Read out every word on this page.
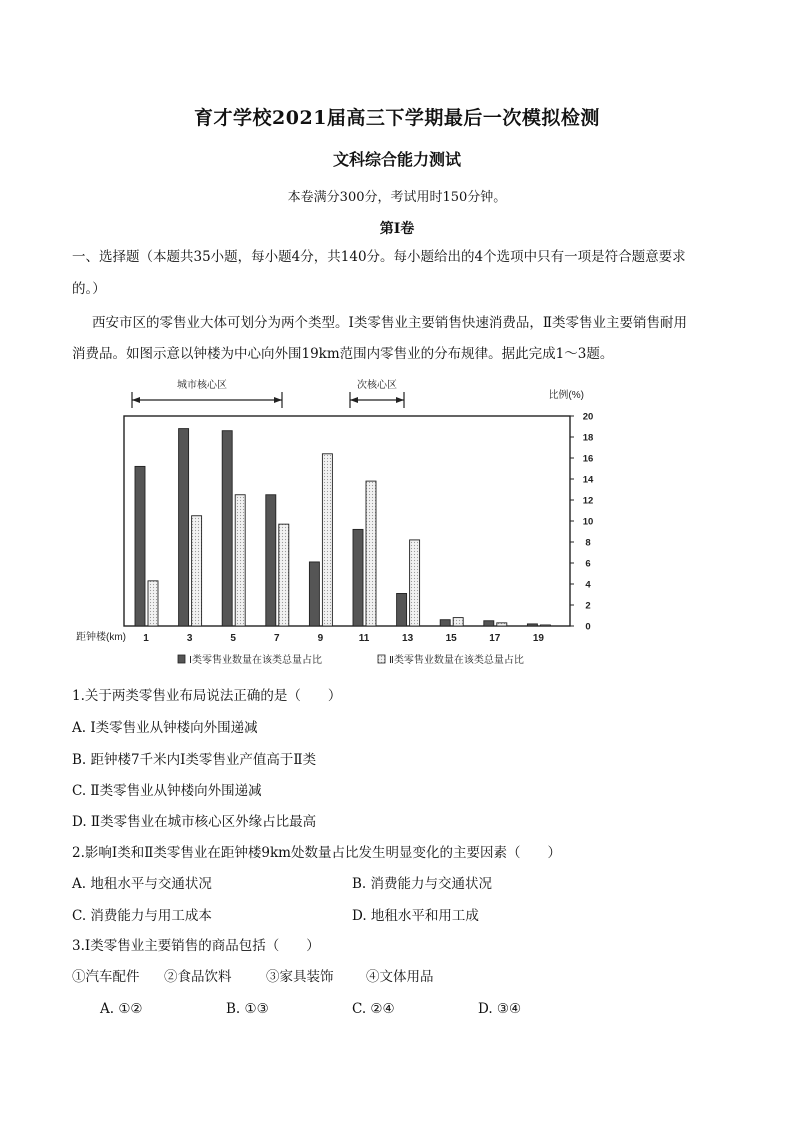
育才学校2021届高三下学期最后一次模拟检测
文科综合能力测试
本卷满分300分，考试用时150分钟。
第Ⅰ卷
一、选择题（本题共35小题，每小题4分，共140分。每小题给出的4个选项中只有一项是符合题意要求
的。）
西安市区的零售业大体可划分为两个类型。Ⅰ类零售业主要销售快速消费品，Ⅱ类零售业主要销售耐用
消费品。如图示意以钟楼为中心向外围19km范围内零售业的分布规律。据此完成1～3题。
城市核心区	次核心区
比例(%)
0
2
4
6
8
10
12
14
16
18
20
1	3	5	7	9	11	13	15	17	19
距钟楼(km)
Ⅰ类零售业数量在该类总量占比	Ⅱ类零售业数量在该类总量占比
1.关于两类零售业布局说法正确的是（　　）
A. Ⅰ类零售业从钟楼向外围递减
B. 距钟楼7千米内Ⅰ类零售业产值高于Ⅱ类
C. Ⅱ类零售业从钟楼向外围递减
D. Ⅱ类零售业在城市核心区外缘占比最高
2.影响Ⅰ类和Ⅱ类零售业在距钟楼9km处数量占比发生明显变化的主要因素（　　）
A. 地租水平与交通状况	B. 消费能力与交通状况
C. 消费能力与用工成本	D. 地租水平和用工成
3.Ⅰ类零售业主要销售的商品包括（　　）
①汽车配件 ②食品饮料	③家具装饰 ④文体用品
A. ①②	B. ①③	C. ②④	D. ③④
